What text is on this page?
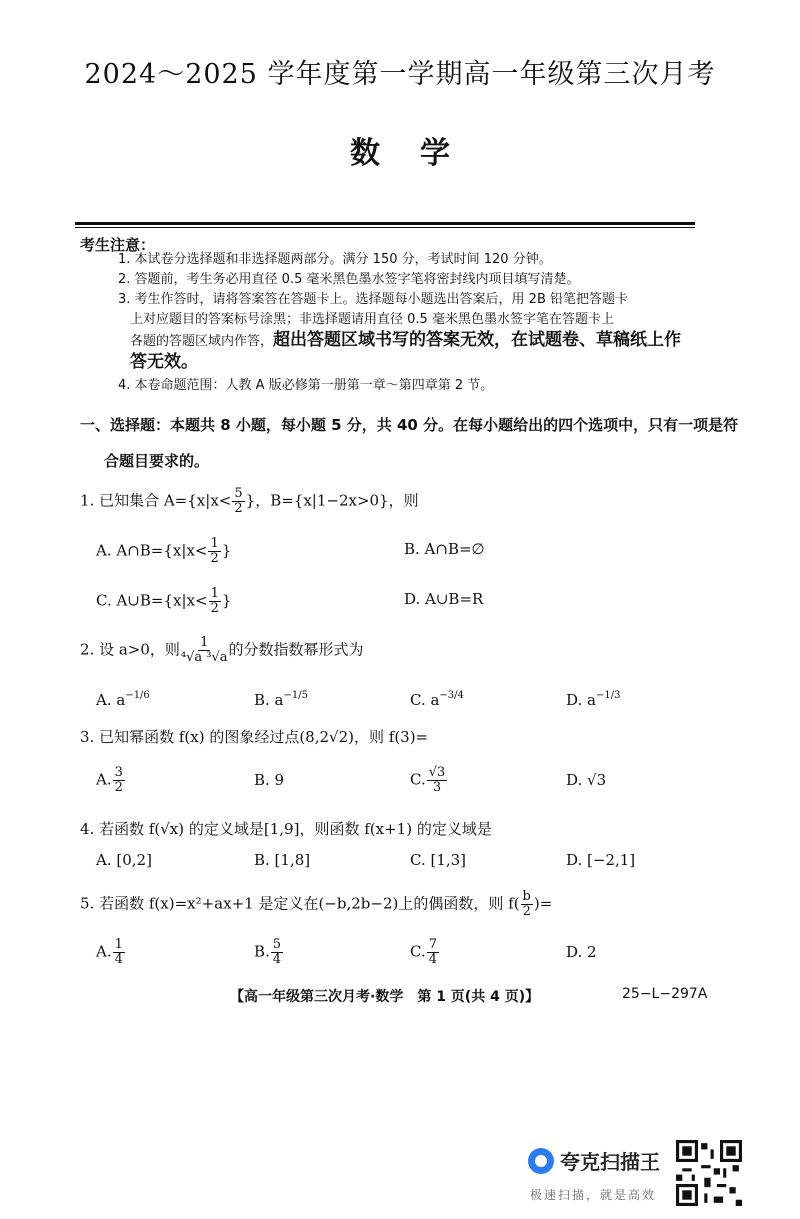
2024～2025 学年度第一学期高一年级第三次月考
数学
考生注意：
1. 本试卷分选择题和非选择题两部分。满分 150 分，考试时间 120 分钟。
2. 答题前，考生务必用直径 0.5 毫米黑色墨水签字笔将密封线内项目填写清楚。
3. 考生作答时，请将答案答在答题卡上。选择题每小题选出答案后，用 2B 铅笔把答题卡
上对应题目的答案标号涂黑；非选择题请用直径 0.5 毫米黑色墨水签字笔在答题卡上
各题的答题区域内作答，超出答题区域书写的答案无效，在试题卷、草稿纸上作
答无效。
4. 本卷命题范围：人教 A 版必修第一册第一章～第四章第 2 节。
一、选择题：本题共 8 小题，每小题 5 分，共 40 分。在每小题给出的四个选项中，只有一项是符
合题目要求的。
1. 已知集合 $A=\{x|x< \frac{5}{2}$ }，B={x|1−2x>0}，则
A. A∩B={x|x< $\frac{1}{2}$ }	B. A∩B=∅
C. A∪B={x|x< $\frac{1}{2}$ }	D. A∪B=R
2. 设 a>0，则 $\frac{1}{\text{⁴√a ³√a}}$ 的分数指数幂形式为
A. $a^{-1/6}$	B. $a^{-1/5}$	C. $a^{-3/4}$	D. $a^{-1/3}$
3. 已知幂函数 f(x) 的图象经过点(8,2√2)，则 f(3)=
A. $\frac{3}{2}$	B. 9	C. $\frac{√3}{3}$	D. √3
4. 若函数 f(√x) 的定义域是[1,9]，则函数 f(x+1) 的定义域是
A. [0,2]	B. [1,8]	C. [1,3]	D. [−2,1]
5. 若函数 f(x)=x²+ax+1 是定义在(−b,2b−2)上的偶函数，则 $f( \frac{b}{2}$ )=
A. $\frac{1}{4}$	B. $\frac{5}{4}$	C. $\frac{7}{4}$	D. 2
【高一年级第三次月考·数学　第 1 页(共 4 页)】	25−L−297A
夸克扫描王
极速扫描，就是高效
